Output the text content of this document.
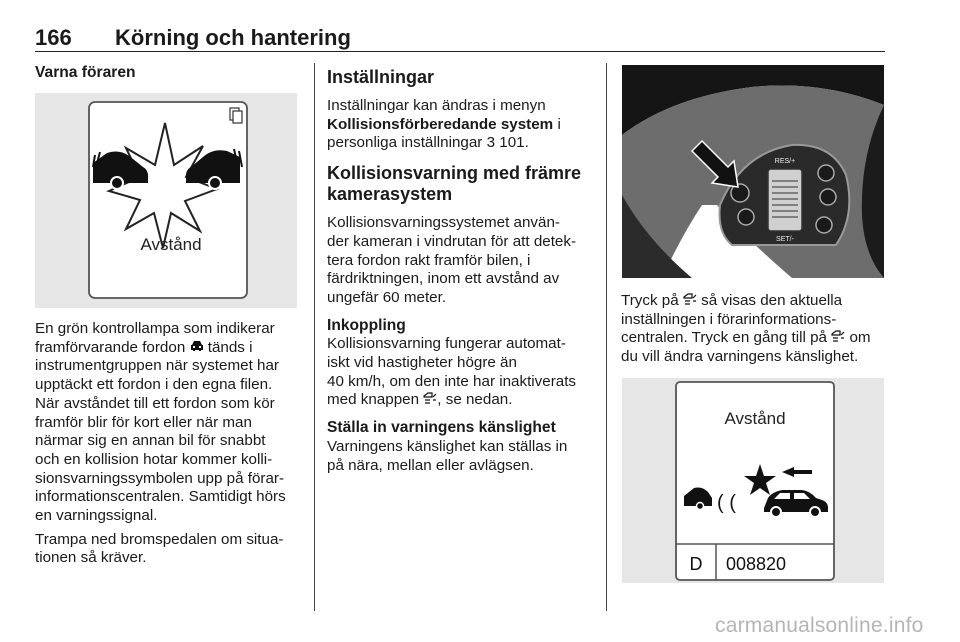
166 Körning och hantering
Varna föraren
Avstånd

En grön kontrollampa som indikerar
framförvarande fordon tänds i
instrumentgruppen när systemet har
upptäckt ett fordon i den egna filen.
När avståndet till ett fordon som kör
framför blir för kort eller när man
närmar sig en annan bil för snabbt
och en kollision hotar kommer kolli-
sionsvarningssymbolen upp på förar-
informationscentralen. Samtidigt hörs
en varningssignal.

Trampa ned bromspedalen om situa-
tionen så kräver.

Inställningar

Inställningar kan ändras i menyn
Kollisionsförberedande system i
personliga inställningar 3 101.

Kollisionsvarning med främre
kamerasystem

Kollisionsvarningssystemet använ-
der kameran i vindrutan för att detek-
tera fordon rakt framför bilen, i
färdriktningen, inom ett avstånd av
ungefär 60 meter.

Inkoppling

Kollisionsvarning fungerar automat-
iskt vid hastigheter högre än
40 km/h, om den inte har inaktiverats
med knappen , se nedan.

Ställa in varningens känslighet

Varningens känslighet kan ställas in
på nära, mellan eller avlägsen.

RES/+
SET/-

Tryck på så visas den aktuella
inställningen i förarinformations-
centralen. Tryck en gång till på om
du vill ändra varningens känslighet.

Avstånd
( (
D 008820
carmanualsonline.info
